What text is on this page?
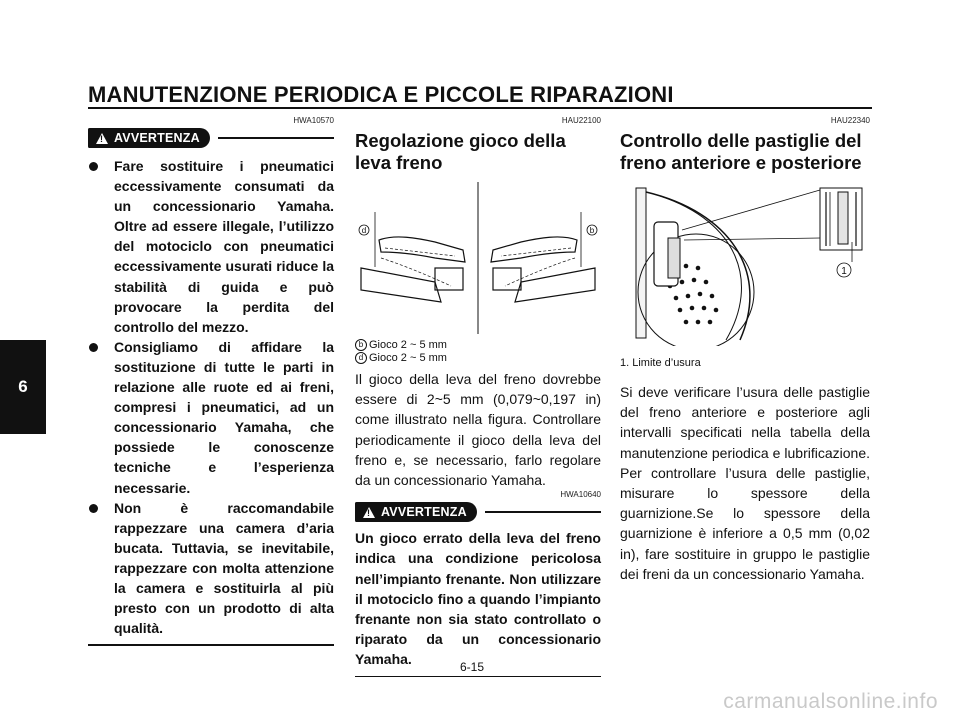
MANUTENZIONE PERIODICA E PICCOLE RIPARAZIONI
6
HWA10570
!
AVVERTENZA
Fare sostituire i pneumatici eccessivamente consumati da un concessionario Yamaha. Oltre ad essere illegale, l’utilizzo del motociclo con pneumatici eccessivamente usurati riduce la stabilità di guida e può provocare la perdita del controllo del mezzo.
Consigliamo di affidare la sostituzione di tutte le parti in relazione alle ruote ed ai freni, compresi i pneumatici, ad un concessionario Yamaha, che possiede le conoscenze tecniche e l’esperienza necessarie.
Non è raccomandabile rappezzare una camera d’aria bucata. Tuttavia, se inevitabile, rappezzare con molta attenzione la camera e sostituirla al più presto con un prodotto di alta qualità.
HAU22100
Regolazione gioco della leva freno
d	b
b Gioco 2 ~ 5 mm
d Gioco 2 ~ 5 mm
Il gioco della leva del freno dovrebbe essere di 2~5 mm (0,079~0,197 in) come illustrato nella figura. Controllare periodicamente il gioco della leva del freno e, se necessario, farlo regolare da un concessionario Yamaha.
HWA10640
!
AVVERTENZA
Un gioco errato della leva del freno indica una condizione pericolosa nell’impianto frenante. Non utilizzare il motociclo fino a quando l’impianto frenante non sia stato controllato o riparato da un concessionario Yamaha.
HAU22340
Controllo delle pastiglie del freno anteriore e posteriore
1
1. Limite d’usura
Si deve verificare l’usura delle pastiglie del freno anteriore e posteriore agli intervalli specificati nella tabella della manutenzione periodica e lubrificazione. Per controllare l’usura delle pastiglie, misurare lo spessore della guarnizione.Se lo spessore della guarnizione è inferiore a 0,5 mm (0,02 in), fare sostituire in gruppo le pastiglie dei freni da un concessionario Yamaha.
6-15
carmanualsonline.info
